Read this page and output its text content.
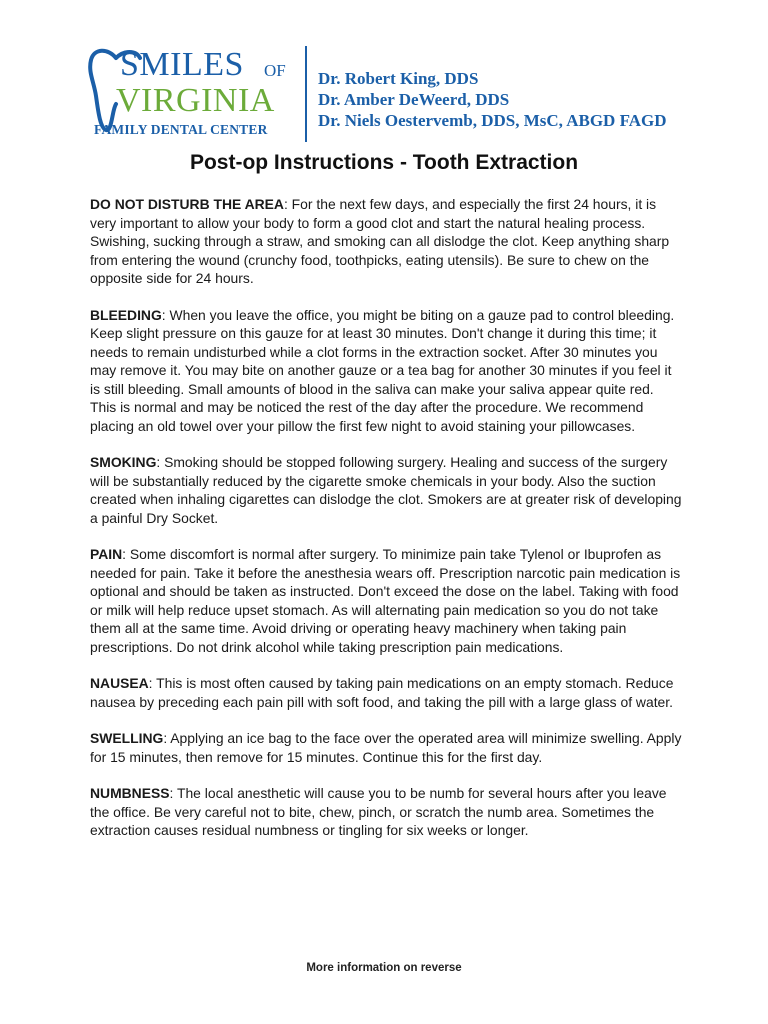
SMILES OF
VIRGINIA
FAMILY DENTAL CENTER
Dr. Robert King, DDS
Dr. Amber DeWeerd, DDS
Dr. Niels Oestervemb, DDS, MsC, ABGD FAGD
Post-op Instructions - Tooth Extraction

DO NOT DISTURB THE AREA: For the next few days, and especially the first 24 hours, it is very important to allow your body to form a good clot and start the natural healing process. Swishing, sucking through a straw, and smoking can all dislodge the clot. Keep anything sharp from entering the wound (crunchy food, toothpicks, eating utensils). Be sure to chew on the opposite side for 24 hours.

BLEEDING: When you leave the office, you might be biting on a gauze pad to control bleeding. Keep slight pressure on this gauze for at least 30 minutes. Don't change it during this time; it needs to remain undisturbed while a clot forms in the extraction socket. After 30 minutes you may remove it. You may bite on another gauze or a tea bag for another 30 minutes if you feel it is still bleeding. Small amounts of blood in the saliva can make your saliva appear quite red. This is normal and may be noticed the rest of the day after the procedure. We recommend placing an old towel over your pillow the first few night to avoid staining your pillowcases.

SMOKING: Smoking should be stopped following surgery. Healing and success of the surgery will be substantially reduced by the cigarette smoke chemicals in your body. Also the suction created when inhaling cigarettes can dislodge the clot. Smokers are at greater risk of developing a painful Dry Socket.

PAIN: Some discomfort is normal after surgery. To minimize pain take Tylenol or Ibuprofen as needed for pain. Take it before the anesthesia wears off. Prescription narcotic pain medication is optional and should be taken as instructed. Don't exceed the dose on the label. Taking with food or milk will help reduce upset stomach. As will alternating pain medication so you do not take them all at the same time. Avoid driving or operating heavy machinery when taking pain prescriptions. Do not drink alcohol while taking prescription pain medications.

NAUSEA: This is most often caused by taking pain medications on an empty stomach. Reduce nausea by preceding each pain pill with soft food, and taking the pill with a large glass of water.

SWELLING: Applying an ice bag to the face over the operated area will minimize swelling. Apply for 15 minutes, then remove for 15 minutes. Continue this for the first day.

NUMBNESS: The local anesthetic will cause you to be numb for several hours after you leave the office. Be very careful not to bite, chew, pinch, or scratch the numb area. Sometimes the extraction causes residual numbness or tingling for six weeks or longer.

More information on reverse
